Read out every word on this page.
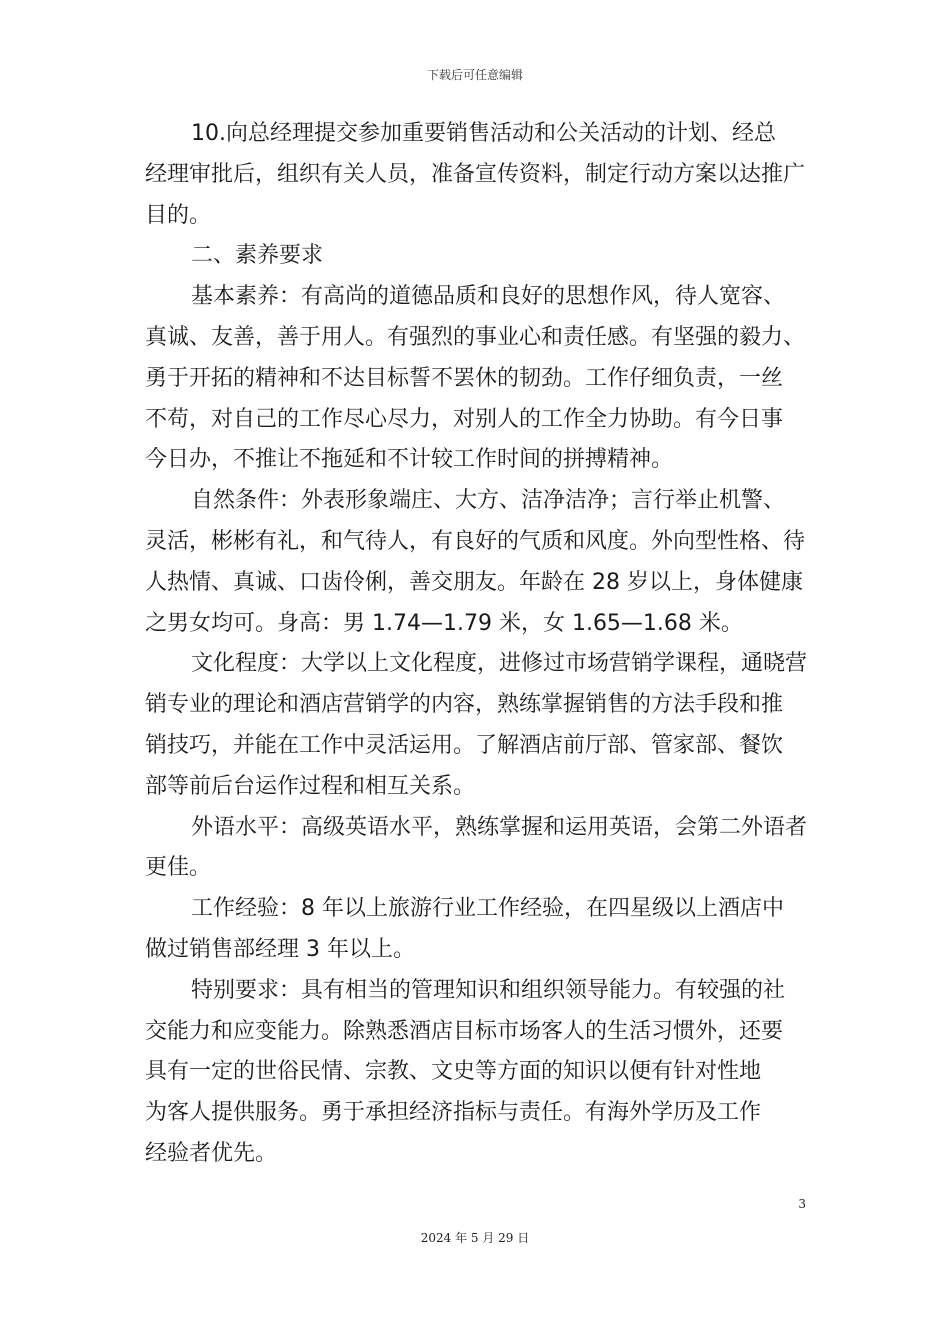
下载后可任意编辑
10.向总经理提交参加重要销售活动和公关活动的计划、经总
经理审批后，组织有关人员，准备宣传资料，制定行动方案以达推广
目的。
二、素养要求
基本素养：有高尚的道德品质和良好的思想作风，待人宽容、
真诚、友善，善于用人。有强烈的事业心和责任感。有坚强的毅力、
勇于开拓的精神和不达目标誓不罢休的韧劲。工作仔细负责，一丝
不苟，对自己的工作尽心尽力，对别人的工作全力协助。有今日事
今日办，不推让不拖延和不计较工作时间的拼搏精神。
自然条件：外表形象端庄、大方、洁净洁净；言行举止机警、
灵活，彬彬有礼，和气待人，有良好的气质和风度。外向型性格、待
人热情、真诚、口齿伶俐，善交朋友。年龄在 28 岁以上，身体健康
之男女均可。身高：男 1.74—1.79 米，女 1.65—1.68 米。
文化程度：大学以上文化程度，进修过市场营销学课程，通晓营
销专业的理论和酒店营销学的内容，熟练掌握销售的方法手段和推
销技巧，并能在工作中灵活运用。了解酒店前厅部、管家部、餐饮
部等前后台运作过程和相互关系。
外语水平：高级英语水平，熟练掌握和运用英语，会第二外语者
更佳。
工作经验：8 年以上旅游行业工作经验，在四星级以上酒店中
做过销售部经理 3 年以上。
特别要求：具有相当的管理知识和组织领导能力。有较强的社
交能力和应变能力。除熟悉酒店目标市场客人的生活习惯外，还要
具有一定的世俗民情、宗教、文史等方面的知识以便有针对性地
为客人提供服务。勇于承担经济指标与责任。有海外学历及工作
经验者优先。
3
2024 年 5 月 29 日
